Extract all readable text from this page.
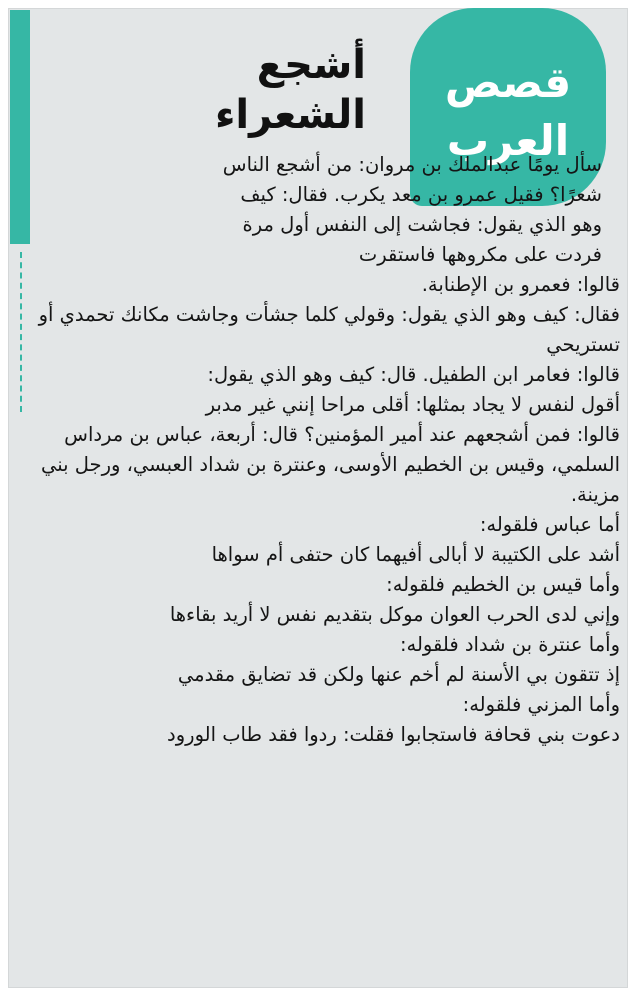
قصص
العرب
أشجع
الشعراء

سأل يومًا عبدالملك بن مروان: من أشجع الناس شعرًا؟ فقيل عمرو بن معد يكرب. فقال: كيف وهو الذي يقول: فجاشت إلى النفس أول مرة فردت على مكروهها فاستقرت

قالوا: فعمرو بن الإطنابة.

فقال: كيف وهو الذي يقول: وقولي كلما جشأت وجاشت مكانك تحمدي أو تستريحي

قالوا: فعامر ابن الطفيل. قال: كيف وهو الذي يقول:

أقول لنفس لا يجاد بمثلها: أقلى مراحا إنني غير مدبر

قالوا: فمن أشجعهم عند أمير المؤمنين؟ قال: أربعة، عباس بن مرداس السلمي، وقيس بن الخطيم الأوسى، وعنترة بن شداد العبسي، ورجل بني مزينة.

أما عباس فلقوله:

أشد على الكتيبة لا أبالى أفيهما كان حتفى أم سواها

وأما قيس بن الخطيم فلقوله:

وإني لدى الحرب العوان موكل بتقديم نفس لا أريد بقاءها

وأما عنترة بن شداد فلقوله:

إذ تتقون بي الأسنة لم أخم عنها ولكن قد تضايق مقدمي

وأما المزني فلقوله:

دعوت بني قحافة فاستجابوا فقلت: ردوا فقد طاب الورود
